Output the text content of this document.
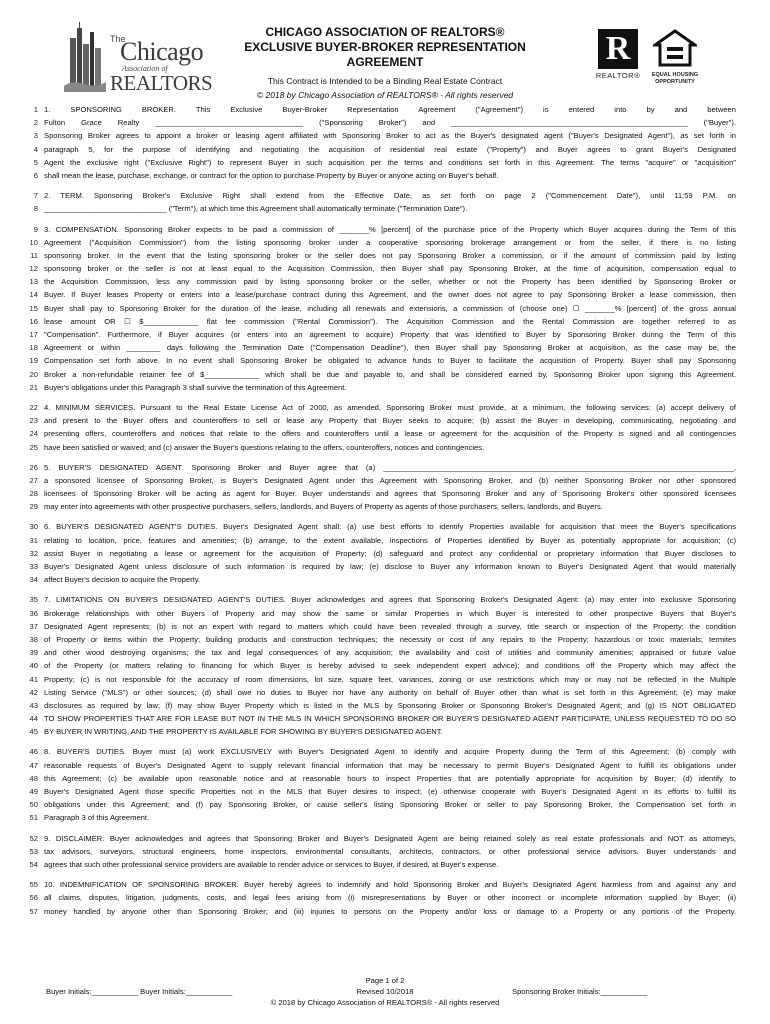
The
Chicago
Association of
REALTORS
CHICAGO ASSOCIATION OF REALTORS®
EXCLUSIVE BUYER-BROKER REPRESENTATION AGREEMENT
This Contract is Intended to be a Binding Real Estate Contract
© 2018 by Chicago Association of REALTORS® - All rights reserved
R
REALTOR®	EQUAL HOUSING
OPPORTUNITY
1 1. SPONSORING BROKER. This Exclusive Buyer-Broker Representation Agreement ("Agreement") is entered into by and between
2 Fulton Grace Realty ___________________________________ ("Sponsoring Broker") and ________________________________________________________ ("Buyer").
3 Sponsoring Broker agrees to appoint a broker or leasing agent affiliated with Sponsoring Broker to act as the Buyer's designated agent ("Buyer's Designated Agent"), as set forth in
4 paragraph 5, for the purpose of identifying and negotiating the acquisition of residential real estate ("Property") and Buyer agrees to grant Buyer's Designated
5 Agent the exclusive right ("Exclusive Right") to represent Buyer in such acquisition per the terms and conditions set forth in this Agreement. The terms "acquire" or "acquisition"
6 shall mean the lease, purchase, exchange, or contract for the option to purchase Property by Buyer or anyone acting on Buyer's behalf.
7 2. TERM. Sponsoring Broker's Exclusive Right shall extend from the Effective Date, as set forth on page 2 ("Commencement Date"), until 11:59 P.M. on
8 _____________________________ ("Term"), at which time this Agreement shall automatically terminate ("Termination Date").
9 3. COMPENSATION. Sponsoring Broker expects to be paid a commission of _______% [percent] of the purchase price of the Property which Buyer acquires during the Term of this
10 Agreement ("Acquisition Commission") from the listing sponsoring broker under a cooperative sponsoring brokerage arrangement or from the seller, if there is no listing
11 sponsoring broker. In the event that the listing sponsoring broker or the seller does not pay Sponsoring Broker a commission, or if the amount of commission paid by listing
12 sponsoring broker or the seller is not at least equal to the Acquisition Commission, then Buyer shall pay Sponsoring Broker, at the time of acquisition, compensation equal to
13 the Acquisition Commission, less any commission paid by listing sponsoring broker or the seller, whether or not the Property has been identified by Sponsoring Broker or
14 Buyer. If Buyer leases Property or enters into a lease/purchase contract during this Agreement, and the owner does not agree to pay Sponsoring Broker a lease commission, then
15 Buyer shall pay to Sponsoring Broker for the duration of the lease, including all renewals and extensions, a commission of (choose one) ☐ _______% [percent] of the gross annual
16 lease amount OR ☐ $_____________ flat fee commission ("Rental Commission"). The Acquisition Commission and the Rental Commission are together referred to as
17 "Compensation". Furthermore, if Buyer acquires (or enters into an agreement to acquire) Property that was identified to Buyer by Sponsoring Broker during the Term of this
18 Agreement or within ________ days following the Termination Date ("Compensation Deadline"), then Buyer shall pay Sponsoring Broker at acquisition, as the case may be, the
19 Compensation set forth above. In no event shall Sponsoring Broker be obligated to advance funds to Buyer to facilitate the acquisition of Property. Buyer shall pay Sponsoring
20 Broker a non-refundable retainer fee of $_____________ which shall be due and payable to, and shall be considered earned by, Sponsoring Broker upon signing this Agreement.
21 Buyer's obligations under this Paragraph 3 shall survive the termination of this Agreement.
22 4. MINIMUM SERVICES. Pursuant to the Real Estate License Act of 2000, as amended, Sponsoring Broker must provide, at a minimum, the following services: (a) accept delivery of
23 and present to the Buyer offers and counteroffers to sell or lease any Property that Buyer seeks to acquire; (b) assist the Buyer in developing, communicating, negotiating and
24 presenting offers, counteroffers and notices that relate to the offers and counteroffers until a lease or agreement for the acquisition of the Property is signed and all contingencies
25 have been satisfied or waived; and (c) answer the Buyer's questions relating to the offers, counteroffers, notices and contingencies.
26 5. BUYER'S DESIGNATED AGENT. Sponsoring Broker and Buyer agree that (a) ___________________________________________________________________________________,
27 a sponsored licensee of Sponsoring Broker, is Buyer's Designated Agent under this Agreement with Sponsoring Broker, and (b) neither Sponsoring Broker nor other sponsored
28 licensees of Sponsoring Broker will be acting as agent for Buyer. Buyer understands and agrees that Sponsoring Broker and any of Sponsoring Broker's other sponsored licensees
29 may enter into agreements with other prospective purchasers, sellers, landlords, and Buyers of Property as agents of those purchasers, sellers, landlords, and Buyers.
30 6. BUYER'S DESIGNATED AGENT'S DUTIES. Buyer's Designated Agent shall: (a) use best efforts to identify Properties available for acquisition that meet the Buyer's specifications
31 relating to location, price, features and amenities; (b) arrange, to the extent available, inspections of Properties identified by Buyer as potentially appropriate for acquisition; (c)
32 assist Buyer in negotiating a lease or agreement for the acquisition of Property; (d) safeguard and protect any confidential or proprietary information that Buyer discloses to
33 Buyer's Designated Agent unless disclosure of such information is required by law; (e) disclose to Buyer any information known to Buyer's Designated Agent that would materially
34 affect Buyer's decision to acquire the Property.
35 7. LIMITATIONS ON BUYER'S DESIGNATED AGENT'S DUTIES. Buyer acknowledges and agrees that Sponsoring Broker's Designated Agent: (a) may enter into exclusive Sponsoring
36 Brokerage relationships with other Buyers of Property and may show the same or similar Properties in which Buyer is interested to other prospective Buyers that Buyer's
37 Designated Agent represents; (b) is not an expert with regard to matters which could have been revealed through a survey, title search or inspection of the Property; the condition
38 of Property or items within the Property; building products and construction techniques; the necessity or cost of any repairs to the Property; hazardous or toxic materials; termites
39 and other wood destroying organisms; the tax and legal consequences of any acquisition; the availability and cost of utilities and community amenities; appraised or future value
40 of the Property (or matters relating to financing for which Buyer is hereby advised to seek independent expert advice); and conditions off the Property which may affect the
41 Property; (c) is not responsible for the accuracy of room dimensions, lot size, square feet, variances, zoning or use restrictions which may or may not be reflected in the Multiple
42 Listing Service ("MLS") or other sources; (d) shall owe no duties to Buyer nor have any authority on behalf of Buyer other than what is set forth in this Agreement; (e) may make
43 disclosures as required by law; (f) may show Buyer Property which is listed in the MLS by Sponsoring Broker or Sponsoring Broker's Designated Agent; and (g) IS NOT OBLIGATED
44 TO SHOW PROPERTIES THAT ARE FOR LEASE BUT NOT IN THE MLS IN WHICH SPONSORING BROKER OR BUYER'S DESIGNATED AGENT PARTICIPATE, UNLESS REQUESTED TO DO SO
45 BY BUYER IN WRITING, AND THE PROPERTY IS AVAILABLE FOR SHOWING BY BUYER'S DESIGNATED AGENT.
46 8. BUYER'S DUTIES. Buyer must (a) work EXCLUSIVELY with Buyer's Designated Agent to identify and acquire Property during the Term of this Agreement; (b) comply with
47 reasonable requests of Buyer's Designated Agent to supply relevant financial information that may be necessary to permit Buyer's Designated Agent to fulfill its obligations under
48 this Agreement; (c) be available upon reasonable notice and at reasonable hours to inspect Properties that are potentially appropriate for acquisition by Buyer; (d) identify to
49 Buyer's Designated Agent those specific Properties not in the MLS that Buyer desires to inspect; (e) otherwise cooperate with Buyer's Designated Agent in its efforts to fulfill its
50 obligations under this Agreement; and (f) pay Sponsoring Broker, or cause seller's listing Sponsoring Broker or seller to pay Sponsoring Broker, the Compensation set forth in
51 Paragraph 3 of this Agreement.
52 9. DISCLAIMER. Buyer acknowledges and agrees that Sponsoring Broker and Buyer's Designated Agent are being retained solely as real estate professionals and NOT as attorneys,
53 tax advisors, surveyors, structural engineers, home inspectors, environmental consultants, architects, contractors, or other professional service advisors. Buyer understands and
54 agrees that such other professional service providers are available to render advice or services to Buyer, if desired, at Buyer's expense.
55 10. INDEMNIFICATION OF SPONSORING BROKER. Buyer hereby agrees to indemnify and hold Sponsoring Broker and Buyer's Designated Agent harmless from and against any and
56 all claims, disputes, litigation, judgments, costs, and legal fees arising from (i) misrepresentations by Buyer or other incorrect or incomplete information supplied by Buyer; (ii)
57 money handled by anyone other than Sponsoring Broker; and (iii) injuries to persons on the Property and/or loss or damage to a Property or any portions of the Property.
Buyer Initials:___________ Buyer Initials:___________
Page 1 of 2
Revised 10/2018
© 2018 by Chicago Association of REALTORS® - All rights reserved
Sponsoring Broker Initials:___________
